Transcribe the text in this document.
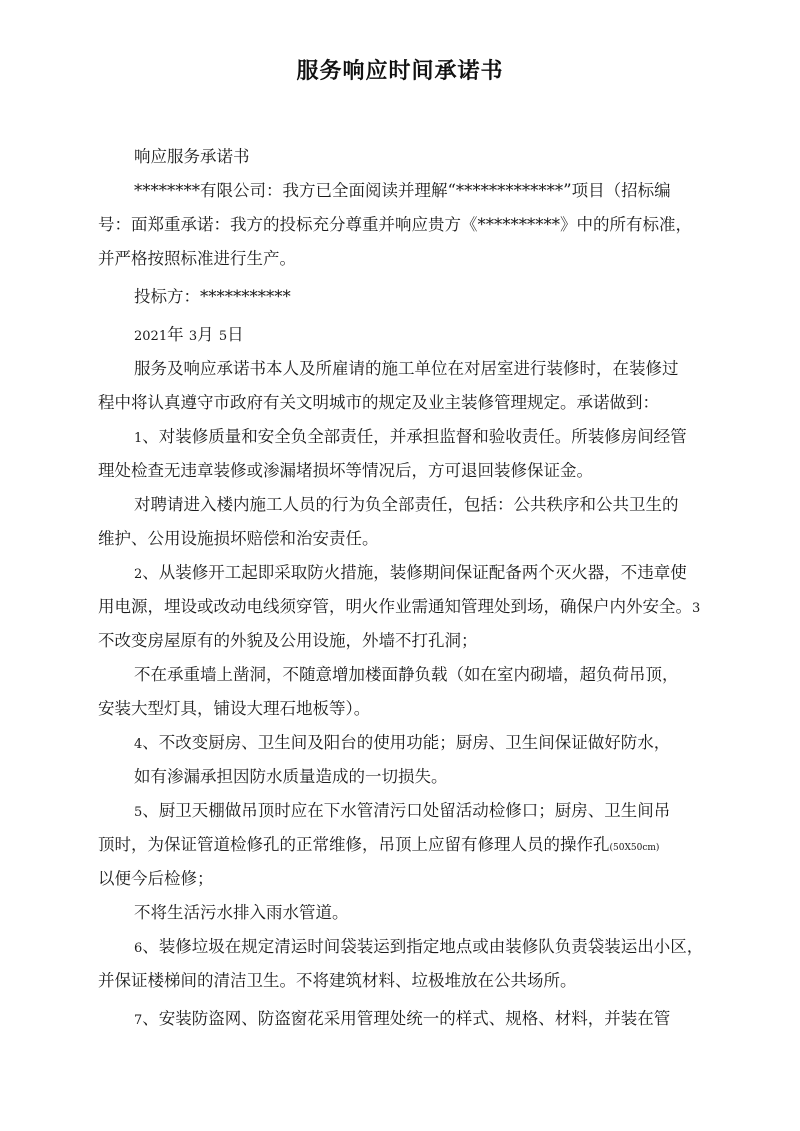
服务响应时间承诺书
响应服务承诺书
********有限公司：我方已全面阅读并理解“*************”项目（招标编
号：面郑重承诺：我方的投标充分尊重并响应贵方《**********》中的所有标准，
并严格按照标准进行生产。
投标方：***********
2021年 3月 5日
服务及响应承诺书本人及所雇请的施工单位在对居室进行装修时，在装修过
程中将认真遵守市政府有关文明城市的规定及业主装修管理规定。承诺做到：
1、对装修质量和安全负全部责任，并承担监督和验收责任。所装修房间经管
理处检查无违章装修或渗漏堵损坏等情况后，方可退回装修保证金。
对聘请进入楼内施工人员的行为负全部责任，包括：公共秩序和公共卫生的
维护、公用设施损坏赔偿和治安责任。
2、从装修开工起即采取防火措施，装修期间保证配备两个灭火器，不违章使
用电源，埋设或改动电线须穿管，明火作业需通知管理处到场，确保户内外安全。3
不改变房屋原有的外貌及公用设施，外墙不打孔洞；
不在承重墙上凿洞，不随意增加楼面静负载（如在室内砌墙，超负荷吊顶，
安装大型灯具，铺设大理石地板等）。
4、不改变厨房、卫生间及阳台的使用功能；厨房、卫生间保证做好防水，
如有渗漏承担因防水质量造成的一切损失。
5、厨卫天棚做吊顶时应在下水管清污口处留活动检修口；厨房、卫生间吊
顶时，为保证管道检修孔的正常维修，吊顶上应留有修理人员的操作孔(50X50cm)
以便今后检修；
不将生活污水排入雨水管道。
6、装修垃圾在规定清运时间袋装运到指定地点或由装修队负责袋装运出小区，
并保证楼梯间的清洁卫生。不将建筑材料、垃极堆放在公共场所。
7、安装防盗网、防盗窗花采用管理处统一的样式、规格、材料，并装在管
